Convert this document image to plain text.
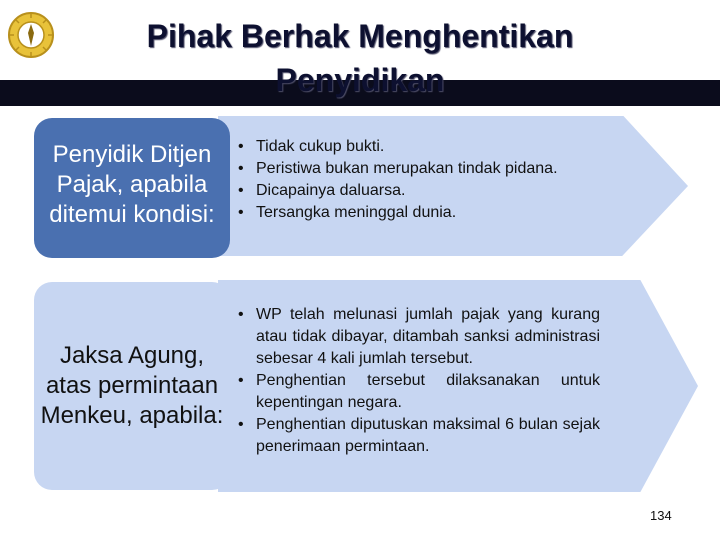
Pihak Berhak Menghentikan Penyidikan
Penyidik Ditjen Pajak, apabila ditemui kondisi:
Jaksa Agung, atas permintaan Menkeu, apabila:
• Tidak cukup bukti.
• Peristiwa bukan merupakan tindak pidana.
• Dicapainya daluarsa.
• Tersangka meninggal dunia.
• WP telah melunasi jumlah pajak yang kurang atau tidak dibayar, ditambah sanksi administrasi sebesar 4 kali jumlah tersebut.
• Penghentian tersebut dilaksanakan untuk kepentingan negara.
• Penghentian diputuskan maksimal 6 bulan sejak penerimaan permintaan.
134
